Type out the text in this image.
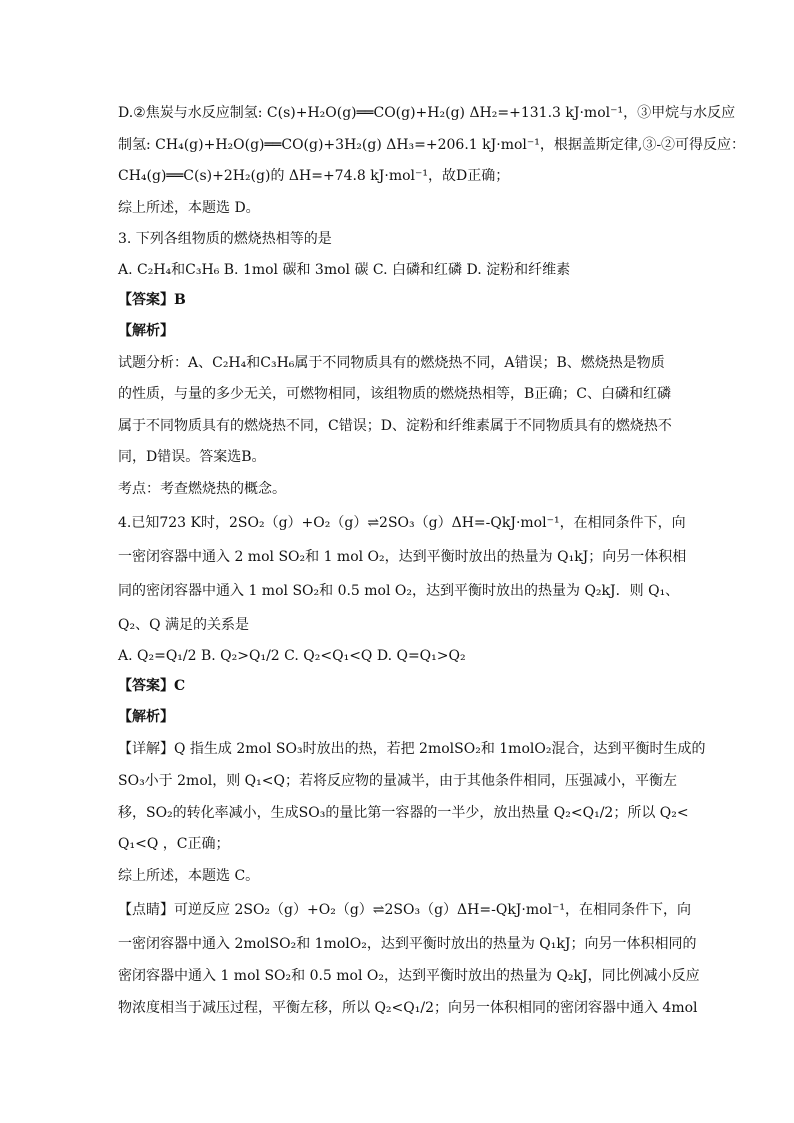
D.②焦炭与水反应制氢: C(s)+H₂O(g)══CO(g)+H₂(g) ΔH₂=+131.3 kJ·mol⁻¹，③甲烷与水反应
制氢: CH₄(g)+H₂O(g)══CO(g)+3H₂(g) ΔH₃=+206.1 kJ·mol⁻¹，根据盖斯定律,③-②可得反应：
CH₄(g)══C(s)+2H₂(g)的 ΔH=+74.8 kJ·mol⁻¹，故D正确；
综上所述，本题选 D。
3. 下列各组物质的燃烧热相等的是
A. C₂H₄和C₃H₆ B. 1mol 碳和 3mol 碳 C. 白磷和红磷 D. 淀粉和纤维素
【答案】B
【解析】
试题分析：A、C₂H₄和C₃H₆属于不同物质具有的燃烧热不同，A错误；B、燃烧热是物质
的性质，与量的多少无关，可燃物相同，该组物质的燃烧热相等，B正确；C、白磷和红磷
属于不同物质具有的燃烧热不同，C错误；D、淀粉和纤维素属于不同物质具有的燃烧热不
同，D错误。答案选B。
考点：考查燃烧热的概念。
4.已知723 K时，2SO₂（g）+O₂（g）⇌2SO₃（g）ΔH=-QkJ·mol⁻¹，在相同条件下，向
一密闭容器中通入 2 mol SO₂和 1 mol O₂，达到平衡时放出的热量为 Q₁kJ；向另一体积相
同的密闭容器中通入 1 mol SO₂和 0.5 mol O₂，达到平衡时放出的热量为 Q₂kJ．则 Q₁、
Q₂、Q 满足的关系是
A. Q₂=Q₁/2 B. Q₂>Q₁/2 C. Q₂<Q₁<Q D. Q=Q₁>Q₂
【答案】C
【解析】
【详解】Q 指生成 2mol SO₃时放出的热，若把 2molSO₂和 1molO₂混合，达到平衡时生成的
SO₃小于 2mol，则 Q₁<Q；若将反应物的量减半，由于其他条件相同，压强减小，平衡左
移，SO₂的转化率减小，生成SO₃的量比第一容器的一半少，放出热量 Q₂<Q₁/2；所以 Q₂<
Q₁<Q ，C正确；
综上所述，本题选 C。
【点睛】可逆反应 2SO₂（g）+O₂（g）⇌2SO₃（g）ΔH=-QkJ·mol⁻¹，在相同条件下，向
一密闭容器中通入 2molSO₂和 1molO₂，达到平衡时放出的热量为 Q₁kJ；向另一体积相同的
密闭容器中通入 1 mol SO₂和 0.5 mol O₂，达到平衡时放出的热量为 Q₂kJ，同比例减小反应
物浓度相当于减压过程，平衡左移，所以 Q₂<Q₁/2；向另一体积相同的密闭容器中通入 4mol
